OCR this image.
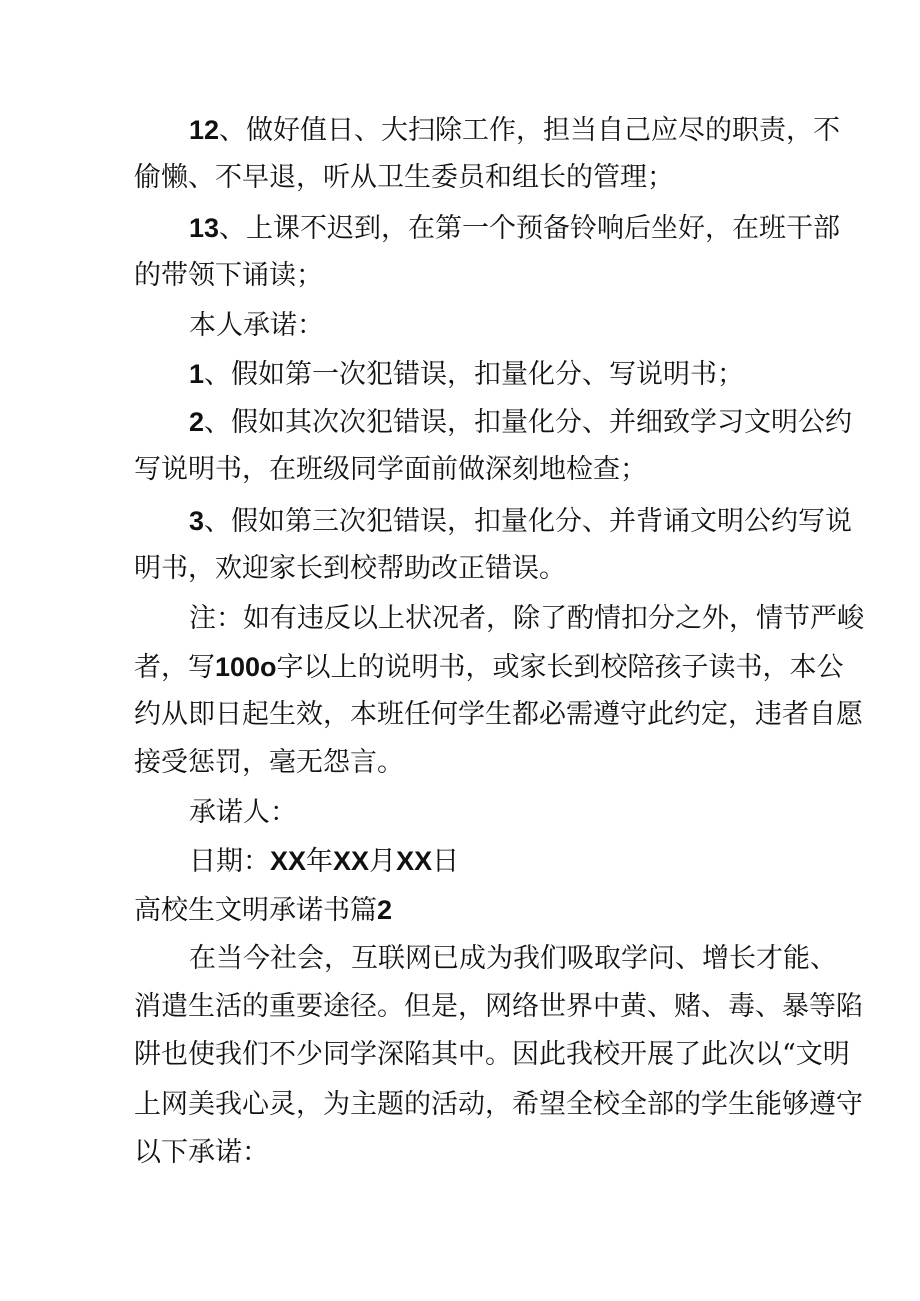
12、做好值日、大扫除工作，担当自己应尽的职责，不
偷懒、不早退，听从卫生委员和组长的管理；
13、上课不迟到，在第一个预备铃响后坐好，在班干部
的带领下诵读；
本人承诺：
1、假如第一次犯错误，扣量化分、写说明书；
2、假如其次次犯错误，扣量化分、并细致学习文明公约
写说明书，在班级同学面前做深刻地检查；
3、假如第三次犯错误，扣量化分、并背诵文明公约写说
明书，欢迎家长到校帮助改正错误。
注：如有违反以上状况者，除了酌情扣分之外，情节严峻
者，写100o字以上的说明书，或家长到校陪孩子读书，本公
约从即日起生效，本班任何学生都必需遵守此约定，违者自愿
接受惩罚，毫无怨言。
承诺人：
日期：XX年XX月XX日
高校生文明承诺书篇2
在当今社会，互联网已成为我们吸取学问、增长才能、
消遣生活的重要途径。但是，网络世界中黄、赌、毒、暴等陷
阱也使我们不少同学深陷其中。因此我校开展了此次以“文明
上网美我心灵，为主题的活动，希望全校全部的学生能够遵守
以下承诺：
